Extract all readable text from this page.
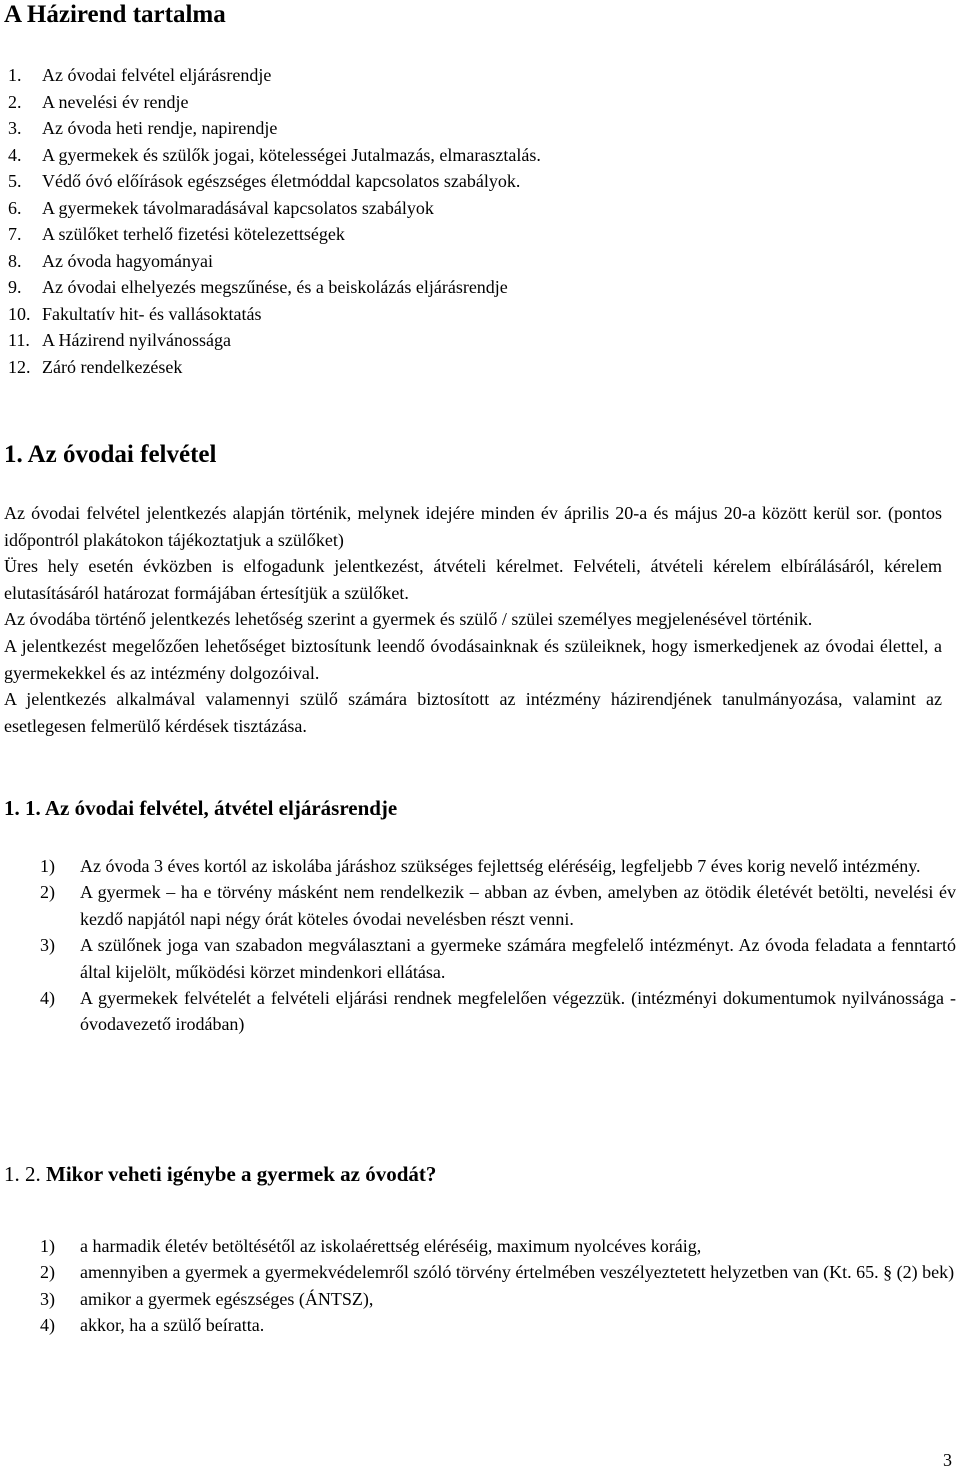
A Házirend tartalma
1. Az óvodai felvétel eljárásrendje
2. A nevelési év rendje
3. Az óvoda heti rendje, napirendje
4. A gyermekek és szülők jogai, kötelességei Jutalmazás, elmarasztalás.
5. Védő óvó előírások egészséges életmóddal kapcsolatos szabályok.
6. A gyermekek távolmaradásával kapcsolatos szabályok
7. A szülőket terhelő fizetési kötelezettségek
8. Az óvoda hagyományai
9. Az óvodai elhelyezés megszűnése, és a beiskolázás eljárásrendje
10. Fakultatív hit- és vallásoktatás
11. A Házirend nyilvánossága
12. Záró rendelkezések
1. Az óvodai felvétel

Az óvodai felvétel jelentkezés alapján történik, melynek idejére minden év április 20-a és május 20-a között kerül sor. (pontos időpontról plakátokon tájékoztatjuk a szülőket)

Üres hely esetén évközben is elfogadunk jelentkezést, átvételi kérelmet. Felvételi, átvételi kérelem elbírálásáról, kérelem elutasításáról határozat formájában értesítjük a szülőket.

Az óvodába történő jelentkezés lehetőség szerint a gyermek és szülő / szülei személyes megjelenésével történik.

A jelentkezést megelőzően lehetőséget biztosítunk leendő óvodásainknak és szüleiknek, hogy ismerkedjenek az óvodai élettel, a gyermekekkel és az intézmény dolgozóival.

A jelentkezés alkalmával valamennyi szülő számára biztosított az intézmény házirendjének tanulmányozása, valamint az esetlegesen felmerülő kérdések tisztázása.

1. 1. Az óvodai felvétel, átvétel eljárásrendje
1) Az óvoda 3 éves kortól az iskolába járáshoz szükséges fejlettség eléréséig, legfeljebb 7 éves korig nevelő intézmény.
2) A gyermek – ha e törvény másként nem rendelkezik – abban az évben, amelyben az ötödik életévét betölti, nevelési év kezdő napjától napi négy órát köteles óvodai nevelésben részt venni.
3) A szülőnek joga van szabadon megválasztani a gyermeke számára megfelelő intézményt. Az óvoda feladata a fenntartó által kijelölt, működési körzet mindenkori ellátása.
4) A gyermekek felvételét a felvételi eljárási rendnek megfelelően végezzük. (intézményi dokumentumok nyilvánossága - óvodavezető irodában)
1. 2. Mikor veheti igénybe a gyermek az óvodát?
1) a harmadik életév betöltésétől az iskolaérettség eléréséig, maximum nyolcéves koráig,
2) amennyiben a gyermek a gyermekvédelemről szóló törvény értelmében veszélyeztetett helyzetben van (Kt. 65. § (2) bek)
3) amikor a gyermek egészséges (ÁNTSZ),
4) akkor, ha a szülő beíratta.
3
